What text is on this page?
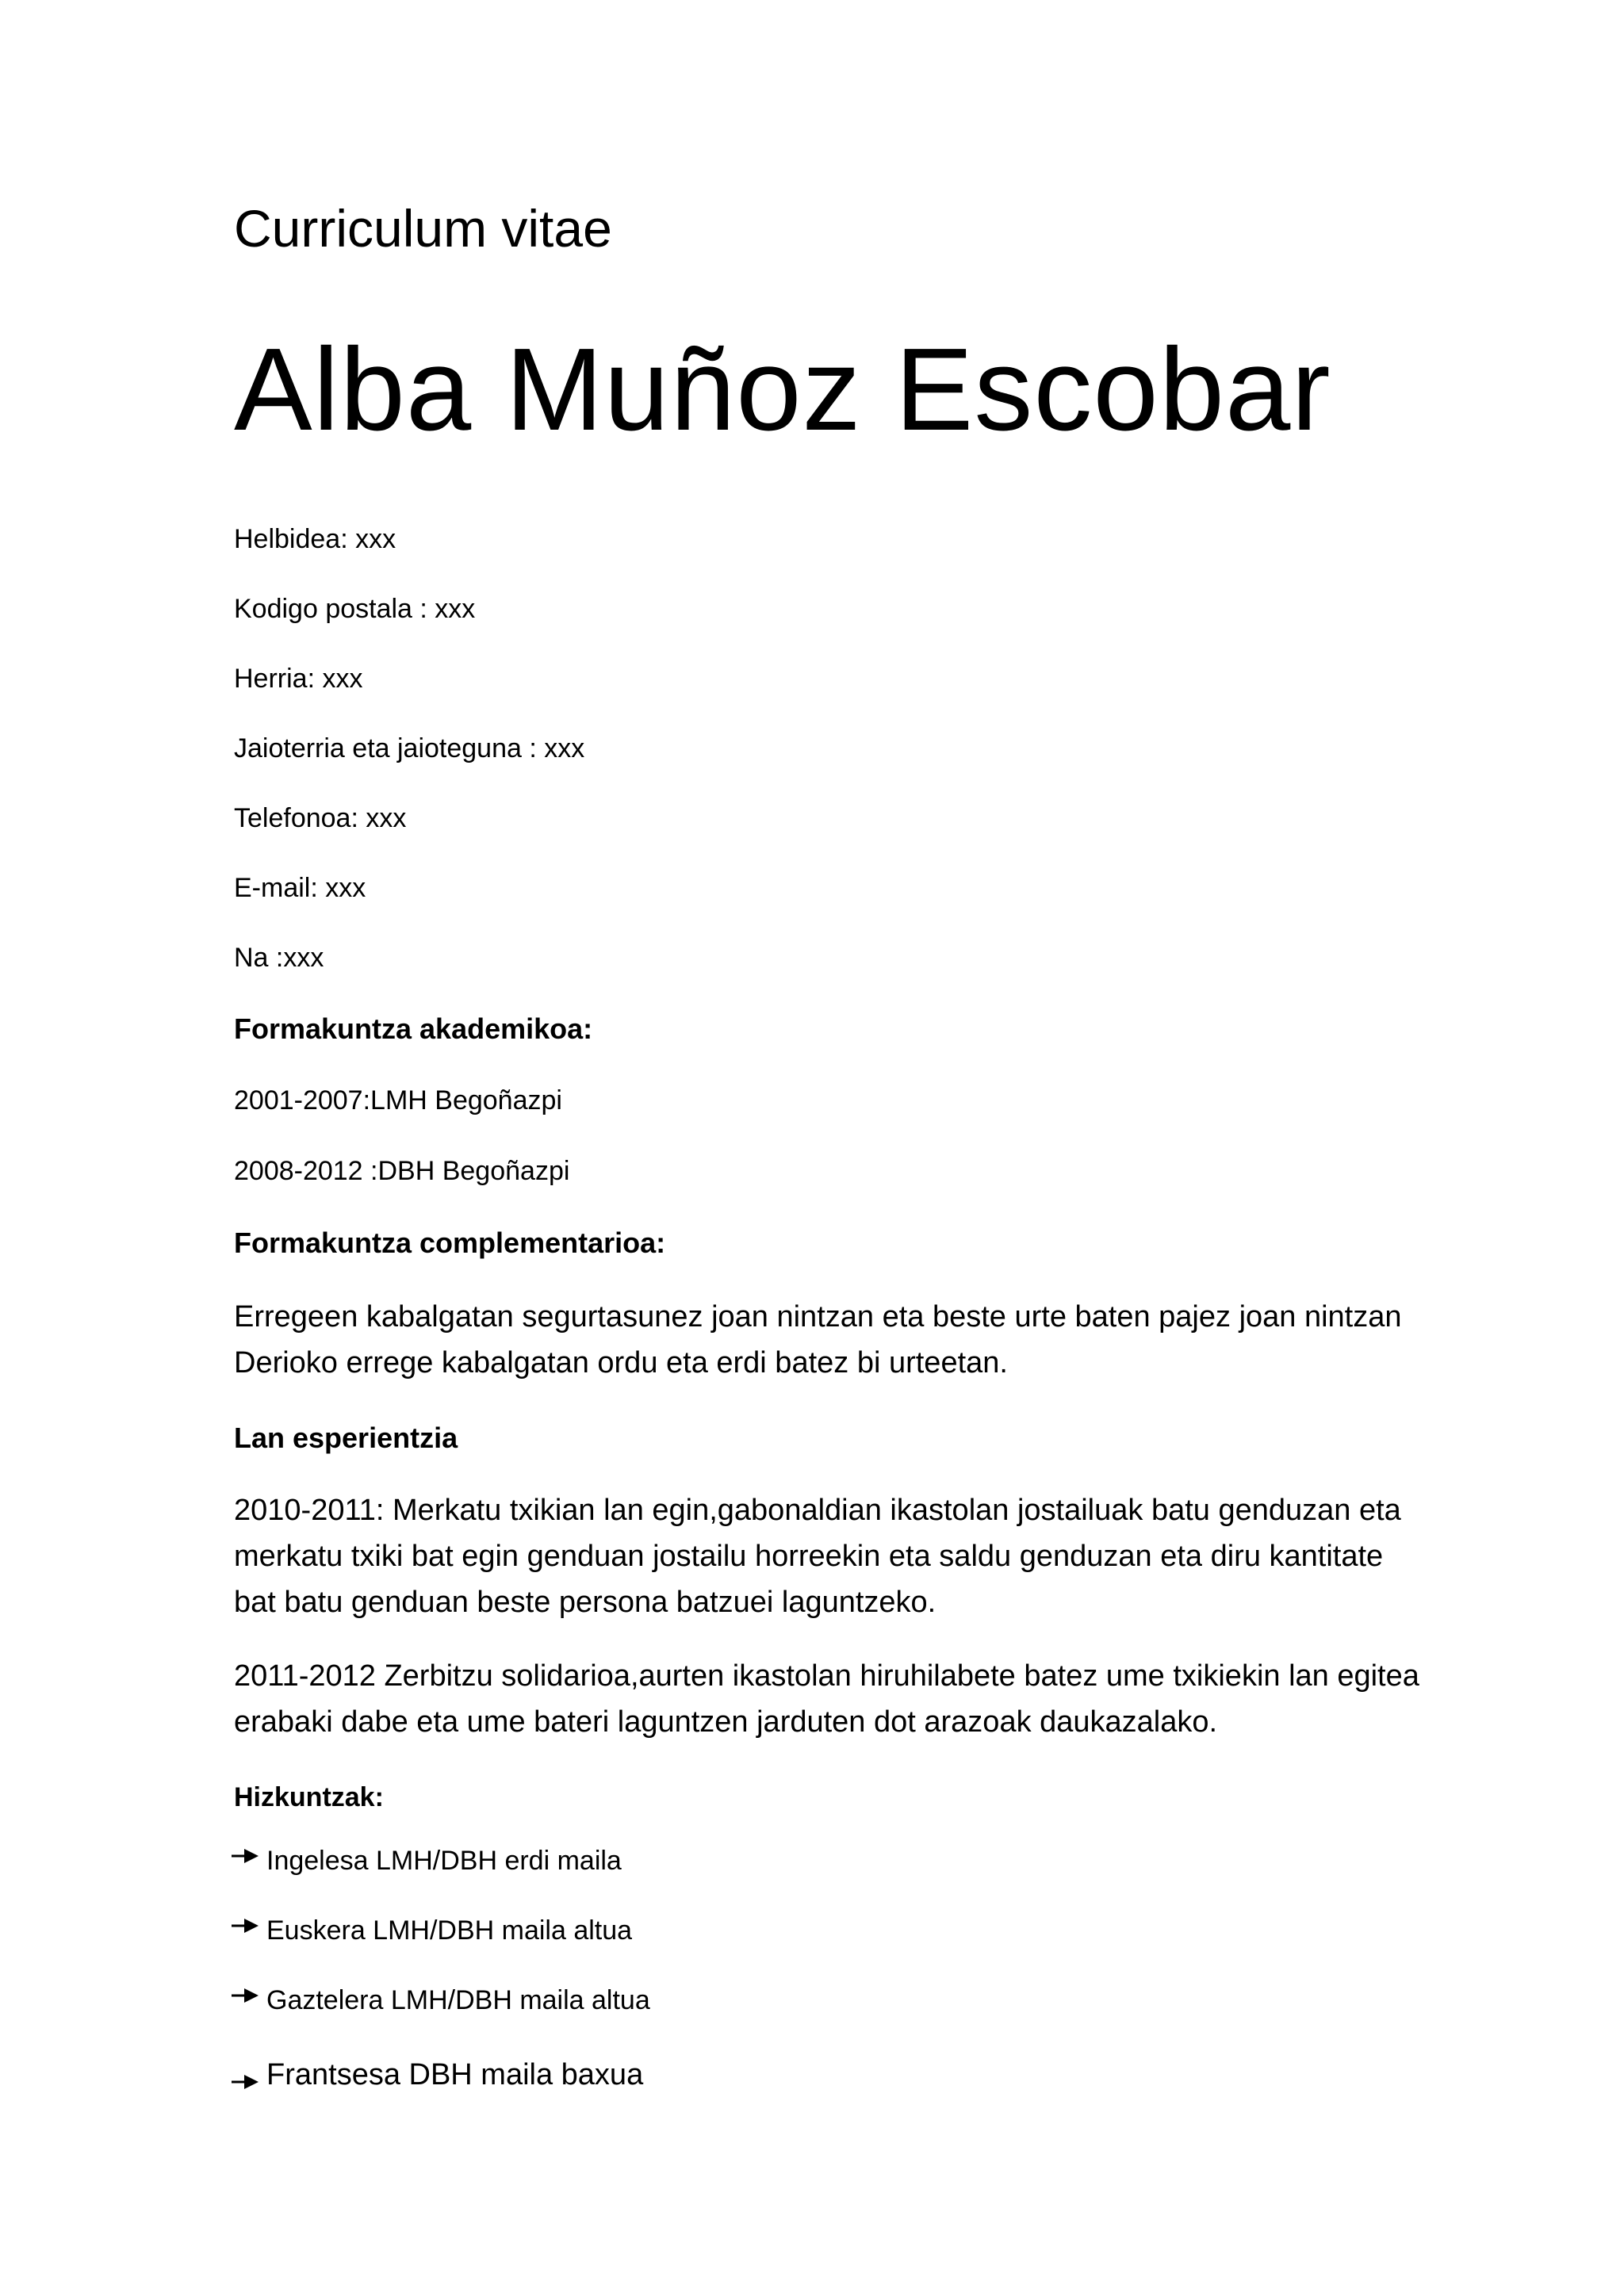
Curriculum vitae
Alba Muñoz Escobar

Helbidea: xxx

Kodigo postala : xxx

Herria: xxx

Jaioterria eta jaioteguna : xxx

Telefonoa: xxx

E-mail: xxx

Na :xxx

Formakuntza akademikoa:

2001-2007:LMH Begoñazpi

2008-2012 :DBH Begoñazpi

Formakuntza complementarioa:

Erregeen kabalgatan segurtasunez joan nintzan eta beste urte baten pajez joan nintzan Derioko errege kabalgatan ordu eta erdi batez bi urteetan.

Lan esperientzia

2010-2011: Merkatu txikian lan egin,gabonaldian ikastolan jostailuak batu genduzan eta merkatu txiki bat egin genduan jostailu horreekin eta saldu genduzan eta diru kantitate bat batu genduan beste persona batzuei laguntzeko.

2011-2012 Zerbitzu solidarioa,aurten ikastolan hiruhilabete batez ume txikiekin lan egitea erabaki dabe eta ume bateri laguntzen jarduten dot arazoak daukazalako.

Hizkuntzak:
Ingelesa LMH/DBH erdi maila
Euskera LMH/DBH maila altua
Gaztelera LMH/DBH maila altua
Frantsesa DBH maila baxua
